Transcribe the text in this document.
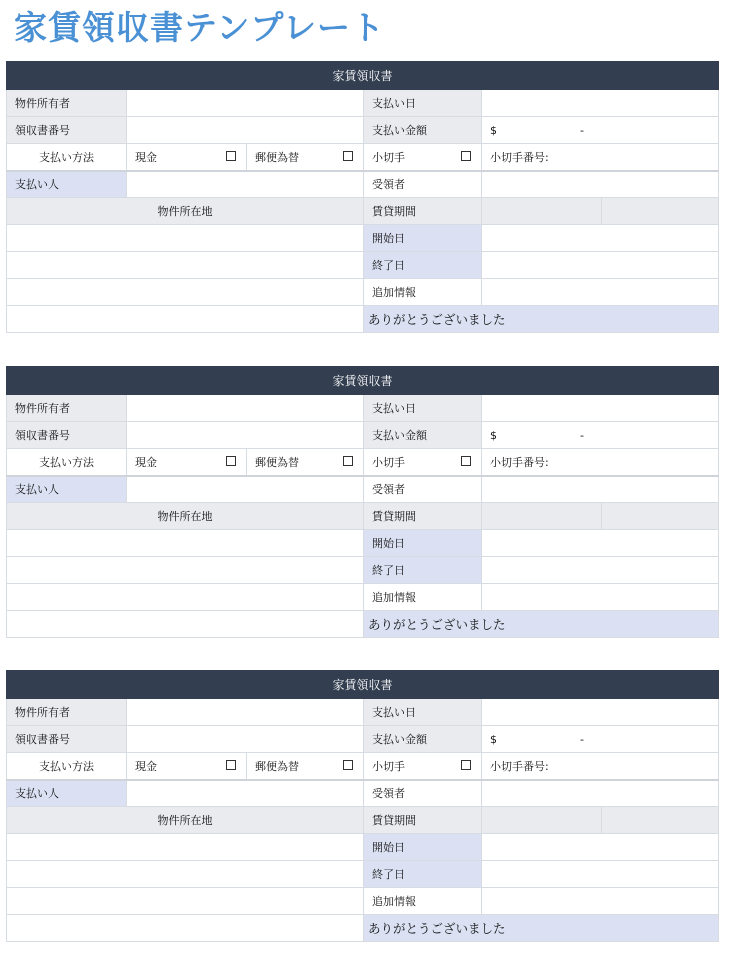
家賃領収書テンプレート
家賃領収書					
物件所有者			支払い日		
領収書番号			支払い金額	$ -	

支払い方法	現金	郵便為替	小切手	小切手番号:	
支払い人			受領者		
物件所在地			賃貸期間		
			開始日		
			終了日		
			追加情報		
			ありがとうございました		
家賃領収書					
物件所有者			支払い日		
領収書番号			支払い金額	$ -	

支払い方法	現金	郵便為替	小切手	小切手番号:	
支払い人			受領者		
物件所在地			賃貸期間		
			開始日		
			終了日		
			追加情報		
			ありがとうございました		
家賃領収書					
物件所有者			支払い日		
領収書番号			支払い金額	$ -	

支払い方法	現金	郵便為替	小切手	小切手番号:	
支払い人			受領者		
物件所在地			賃貸期間		
			開始日		
			終了日		
			追加情報		
			ありがとうございました		
